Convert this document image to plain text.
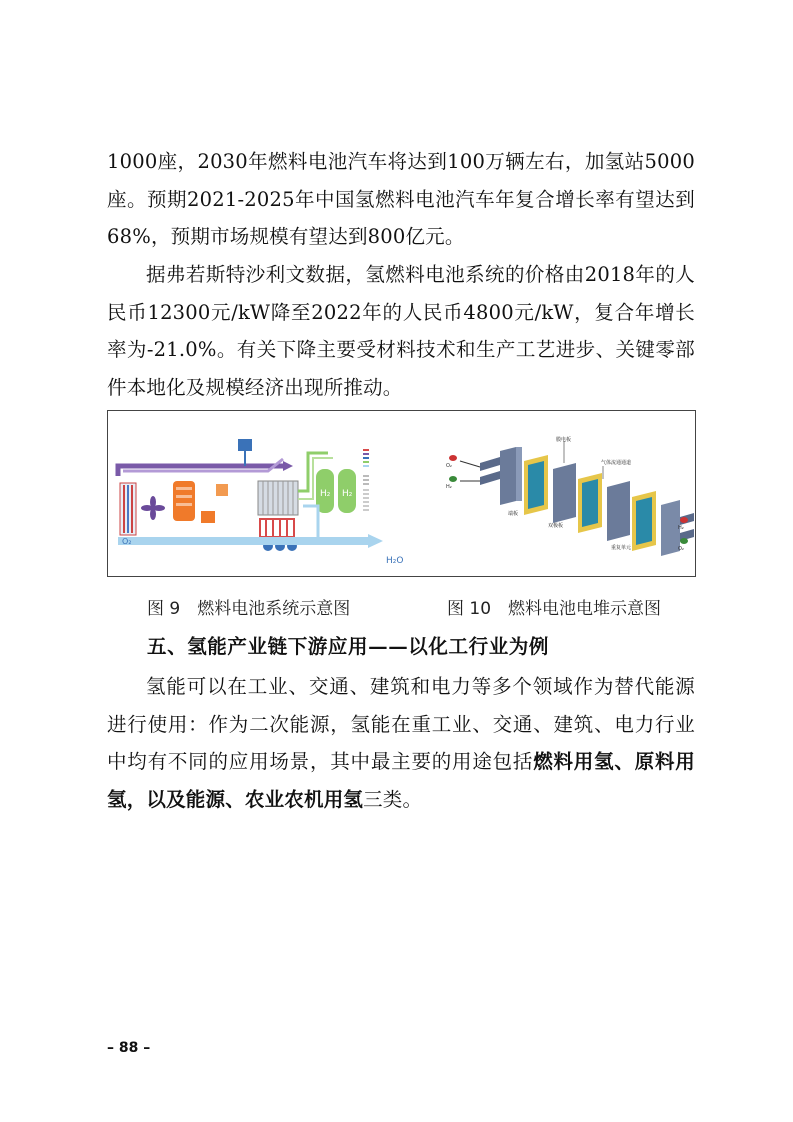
1000座，2030年燃料电池汽车将达到100万辆左右，加氢站5000座。预期2021-2025年中国氢燃料电池汽车年复合增长率有望达到68%，预期市场规模有望达到800亿元。

据弗若斯特沙利文数据，氢燃料电池系统的价格由2018年的人民币12300元/kW降至2022年的人民币4800元/kW，复合年增长率为-21.0%。有关下降主要受材料技术和生产工艺进步、关键零部件本地化及规模经济出现所推动。

H₂ H₂
O₂
H₂O
O₂
H₂
H₂
O₂
膜电板
气体流通通道
端板
双极板
重复单元
图 9　燃料电池系统示意图	图 10　燃料电池电堆示意图
五、氢能产业链下游应用——以化工行业为例

氢能可以在工业、交通、建筑和电力等多个领域作为替代能源进行使用：作为二次能源，氢能在重工业、交通、建筑、电力行业中均有不同的应用场景，其中最主要的用途包括燃料用氢、原料用氢，以及能源、农业农机用氢三类。

– 88 –
